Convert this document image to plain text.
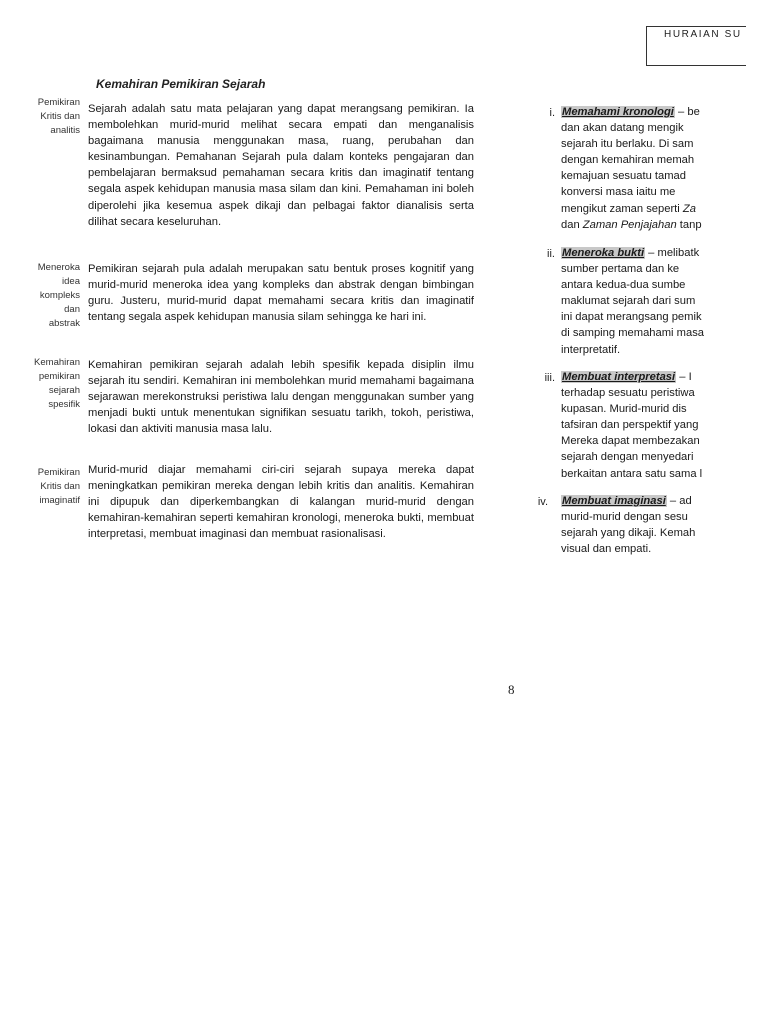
HURAIAN SU
Kemahiran Pemikiran Sejarah
Pemikiran
Kritis dan
analitis
Meneroka
idea
kompleks
dan
abstrak
Kemahiran
pemikiran
sejarah
spesifik
Pemikiran
Kritis dan
imaginatif
Sejarah adalah satu mata pelajaran yang dapat merangsang pemikiran. Ia membolehkan murid-murid melihat secara empati dan menganalisis bagaimana manusia menggunakan masa, ruang, perubahan dan kesinambungan. Pemahanan Sejarah pula dalam konteks pengajaran dan pembelajaran bermaksud pemahaman secara kritis dan imaginatif tentang segala aspek kehidupan manusia masa silam dan kini. Pemahaman ini boleh diperolehi jika kesemua aspek dikaji dan pelbagai faktor dianalisis serta dilihat secara keseluruhan.
Pemikiran sejarah pula adalah merupakan satu bentuk proses kognitif yang murid-murid meneroka idea yang kompleks dan abstrak dengan bimbingan guru. Justeru, murid-murid dapat memahami secara kritis dan imaginatif tentang segala aspek kehidupan manusia silam sehingga ke hari ini.
Kemahiran pemikiran sejarah adalah lebih spesifik kepada disiplin ilmu sejarah itu sendiri. Kemahiran ini membolehkan murid memahami bagaimana sejarawan merekonstruksi peristiwa lalu dengan menggunakan sumber yang menjadi bukti untuk menentukan signifikan sesuatu tarikh, tokoh, peristiwa, lokasi dan aktiviti manusia masa lalu.
Murid-murid diajar memahami ciri-ciri sejarah supaya mereka dapat meningkatkan pemikiran mereka dengan lebih kritis dan analitis. Kemahiran ini dipupuk dan diperkembangkan di kalangan murid-murid dengan kemahiran-kemahiran seperti kemahiran kronologi, meneroka bukti, membuat interpretasi, membuat imaginasi dan membuat rasionalisasi.
i. Memahami kronologi – be
dan akan datang mengik
sejarah itu berlaku. Di sam
dengan kemahiran memah
kemajuan sesuatu tamad
konversi masa iaitu me
mengikut zaman seperti Za
dan Zaman Penjajahan tanp
ii. Meneroka bukti – melibatk
sumber pertama dan ke
antara kedua-dua sumbe
maklumat sejarah dari sum
ini dapat merangsang pemik
di samping memahami masa
interpretatif.
iii. Membuat interpretasi – I
terhadap sesuatu peristiwa
kupasan. Murid-murid dis
tafsiran dan perspektif yang
Mereka dapat membezakan
sejarah dengan menyedari
berkaitan antara satu sama l
iv. Membuat imaginasi – ad
murid-murid dengan sesu
sejarah yang dikaji. Kemah
visual dan empati.
8
